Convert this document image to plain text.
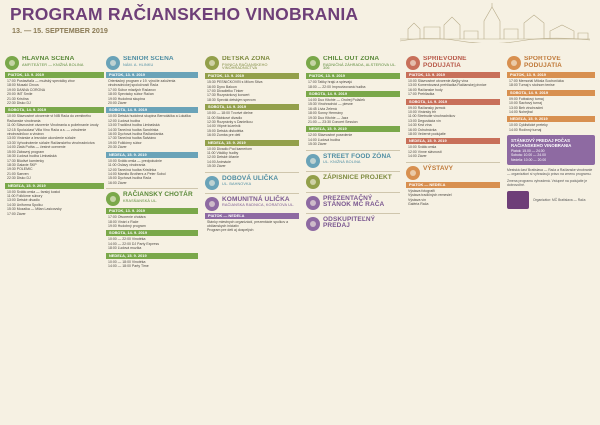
PROGRAM RAČIANSKEHO VINOBRANIA
13. — 15. SEPTEMBER 2019
HLAVNÁ SCÉNA
AMFITEÁTER — KNIŽNÁ BOLINA
PIATOK, 13. 9. 2019
17:00 Pustavitaľa — mužský speváčky zbor
18:00 Musaki Circus
19:00 DANNA CORONA
20:00 IMT Smile
21:30 Kristína
22:30 Disko DJ
SOBOTA, 14. 9. 2019
10:00 Slávnostné otvorenie vt NIB Rača do zemitného Račianske vinobrania
11:00 Slávnostné otvorenie Vinobrania a požehnanie úrody
12:15 Spoluúčasť Villa Vino Rača a.s. — združenie vinohradníkov a vinárov
13:00 Vinárske a lesnícke ukončenie súťaže
13:30 Vyhodnotenie súťaže Račianského vinohradníctva
14:00 Zlatá Putňa — čestné ocenenie
15:00 Zábavný program
16:30 Ľudová hudba Limbašská
17:30 Blúdivé kamienky
18:30 Galaxie ŠKP
19:30 POLEMIC
21:00 Saeven
22:30 Disko DJ
NEDEĽA, 15. 9. 2019
10:00 Svätá omša — farský kostol
11:00 Folklórne súbory
13:00 Detské divadlo
14:30 Uniforma Spolku
15:30 Mozaika — Milan Lasicovsky
17:00 Záver
SENIOR SCÉNA
NÁM. A. HLINKU
PIATOK, 13. 9. 2019
Orientačný program z 19. výročie založenia vinohradníckej spoločnosti Rača
17:00 Súbor mladých Račanov
18:00 Spevácky súbor Račan
19:00 Hudobná skupina
20:00 Záver
SOBOTA, 14. 9. 2019
10:00 Detská hudobná skupina Bernoláčka a Lokálka
12:00 Ľudová hudba
13:00 Tradičná hudba Limbašská
14:30 Tanečná hudba Sandrinka
16:00 Dychová hudba Račiančanka
17:30 Tanečná hudba Šalviáno
19:00 Folklórny súbor
20:30 Záver
NEDEĽA, 15. 9. 2019
10:00 Svätá omša — predpoludnie
11:00 Oslavy vinobrania
12:00 Tanečná hudba Kristínka
14:00 Mamito Brothers a Peter Sobol
15:00 Dychová hudba Rača
16:00 Záver
RAČIANSKY CHOTÁR
KRASŇANSKÁ UL.
PIATOK, 13. 9. 2019
17:00 Otvorenie chotára
18:00 Vinári z Rače
19:00 Hudobný program
SOBOTA, 14. 9. 2019
10:00 — 22:00 Vinotéka
14:00 — 22:00 DJ Party Express
18:00 Ľudová muzika
NEDEĽA, 15. 9. 2019
10:00 — 18:00 Vinotéka
14:00 — 18:00 Party Time
DETSKÁ ZÓNA
PIVNICA RAČIANSKEHO VINOHRADNÍCTVA
PIATOK, 13. 9. 2019
15:30 PESNIČKOVIŇ s Milom Stiva
16:00 Dyno Baloon
17:00 Divadielko Tinker
17:30 Rozprávkový koncert
18:30 Spevák detským spevom
SOBOTA, 14. 9. 2019
10:00 — 18:00 Tvorivé dielne
11:00 Bábkové divadlo
12:30 Rozprávky s Danielkou
14:00 Vtipné kúzelník
15:00 Detská diskotéka
16:00 Zumba pre deti
NEDEĽA, 15. 9. 2019
10:00 Divadlo Pod kameňom
11:00 Vtáčiky hudby
12:00 Detské čítanie
14:00 Animácie
15:30 Záver
DOBOVÁ ULIČKA
UL. BAHNOVKA
KOMUNITNÁ ULIČKA
RAČIANSKA RADNICA, KORATOVA UL.
PIATOK — NEDEĽA
Stánky miestnych organizácií, prezentácie spolkov a občianskych iniciatív
Program pre deti aj dospelých
CHILL OUT ZÓNA
RADNIČNÁ ZÁHRADA, ALSTEROVA UL. 306
PIATOK, 13. 9. 2019
17:00 Tatiky hrajú a spievajú
18:00 — 22:00 Improvizovaná hudba
SOBOTA, 14. 9. 2019
14:00 Duo Kitchie — Ondrej Poláček
15:30 Vinohradníci — piesne
16:45 Lívia Zelená
18:00 Sonny Hermány
19:30 Duo Kitchie — Jazz
21:00 — 23:30 Concert Session
NEDEĽA, 15. 9. 2019
12:00 Slávnostné posedenie
14:00 Ľudová hudba
15:30 Záver
STREET FOOD ZÓNA
UL. KNIŽNÁ BOLINA
ZÁPISNICE PROJEKT
PREZENTAČNÝ STÁNOK MČ RAČA
ODSKUPITEĽNÝ PREDAJ
SPRIEVODNÉ PODUJATIA
PIATOK, 13. 9. 2019
10:00 Slávnostné otvorenie Alejky vína
13:00 Komentovaná prehliadka Račianskej pivnice
16:00 Račianske hody
17:00 Prehliadka
SOBOTA, 14. 9. 2019
09:00 Račiansky jarmok
10:00 Vinársky trh
11:00 Stretnutie vinohradníkov
13:00 Degustácia vín
14:30 Krst vína
16:00 Ochutnávka
18:00 Večerné podujatie
NEDEĽA, 15. 9. 2019
10:00 Svätá omša
12:00 Vínne slávnosti
14:00 Záver
VÝSTAVY
PIATOK — NEDEĽA
Výstava fotografií
Výstava tradičných remesiel
Výstava vín
Galéria Rača
ŠPORTOVÉ PODUJATIA
PIATOK, 13. 9. 2019
17:00 Memoriál Miloša Sochorčáka
18:00 Turnaj v stolnom tenise
SOBOTA, 14. 9. 2019
09:00 Futbalový turnaj
10:00 Šachový turnaj
13:00 Beh vinohradmi
14:00 Nohejbal
NEDEĽA, 15. 9. 2019
10:00 Cyklistické preteky
14:00 Rodinný turnaj
STÁNKOVÝ PREDAJ POČAS RAČIANSKEHO VINOBRANIA
Piatok: 15.00 — 24.00
Sobota: 10.00 — 24.00
Nedeľa: 10.00 — 20.00
Mestská časť Bratislava — Rača a Račianske vinobranie — organizátori si vyhradzujú právo na zmenu programu.
Zmena programu vyhradená. Vstupné na podujatie je dobrovoľné.
Organizátor: MČ Bratislava — Rača
